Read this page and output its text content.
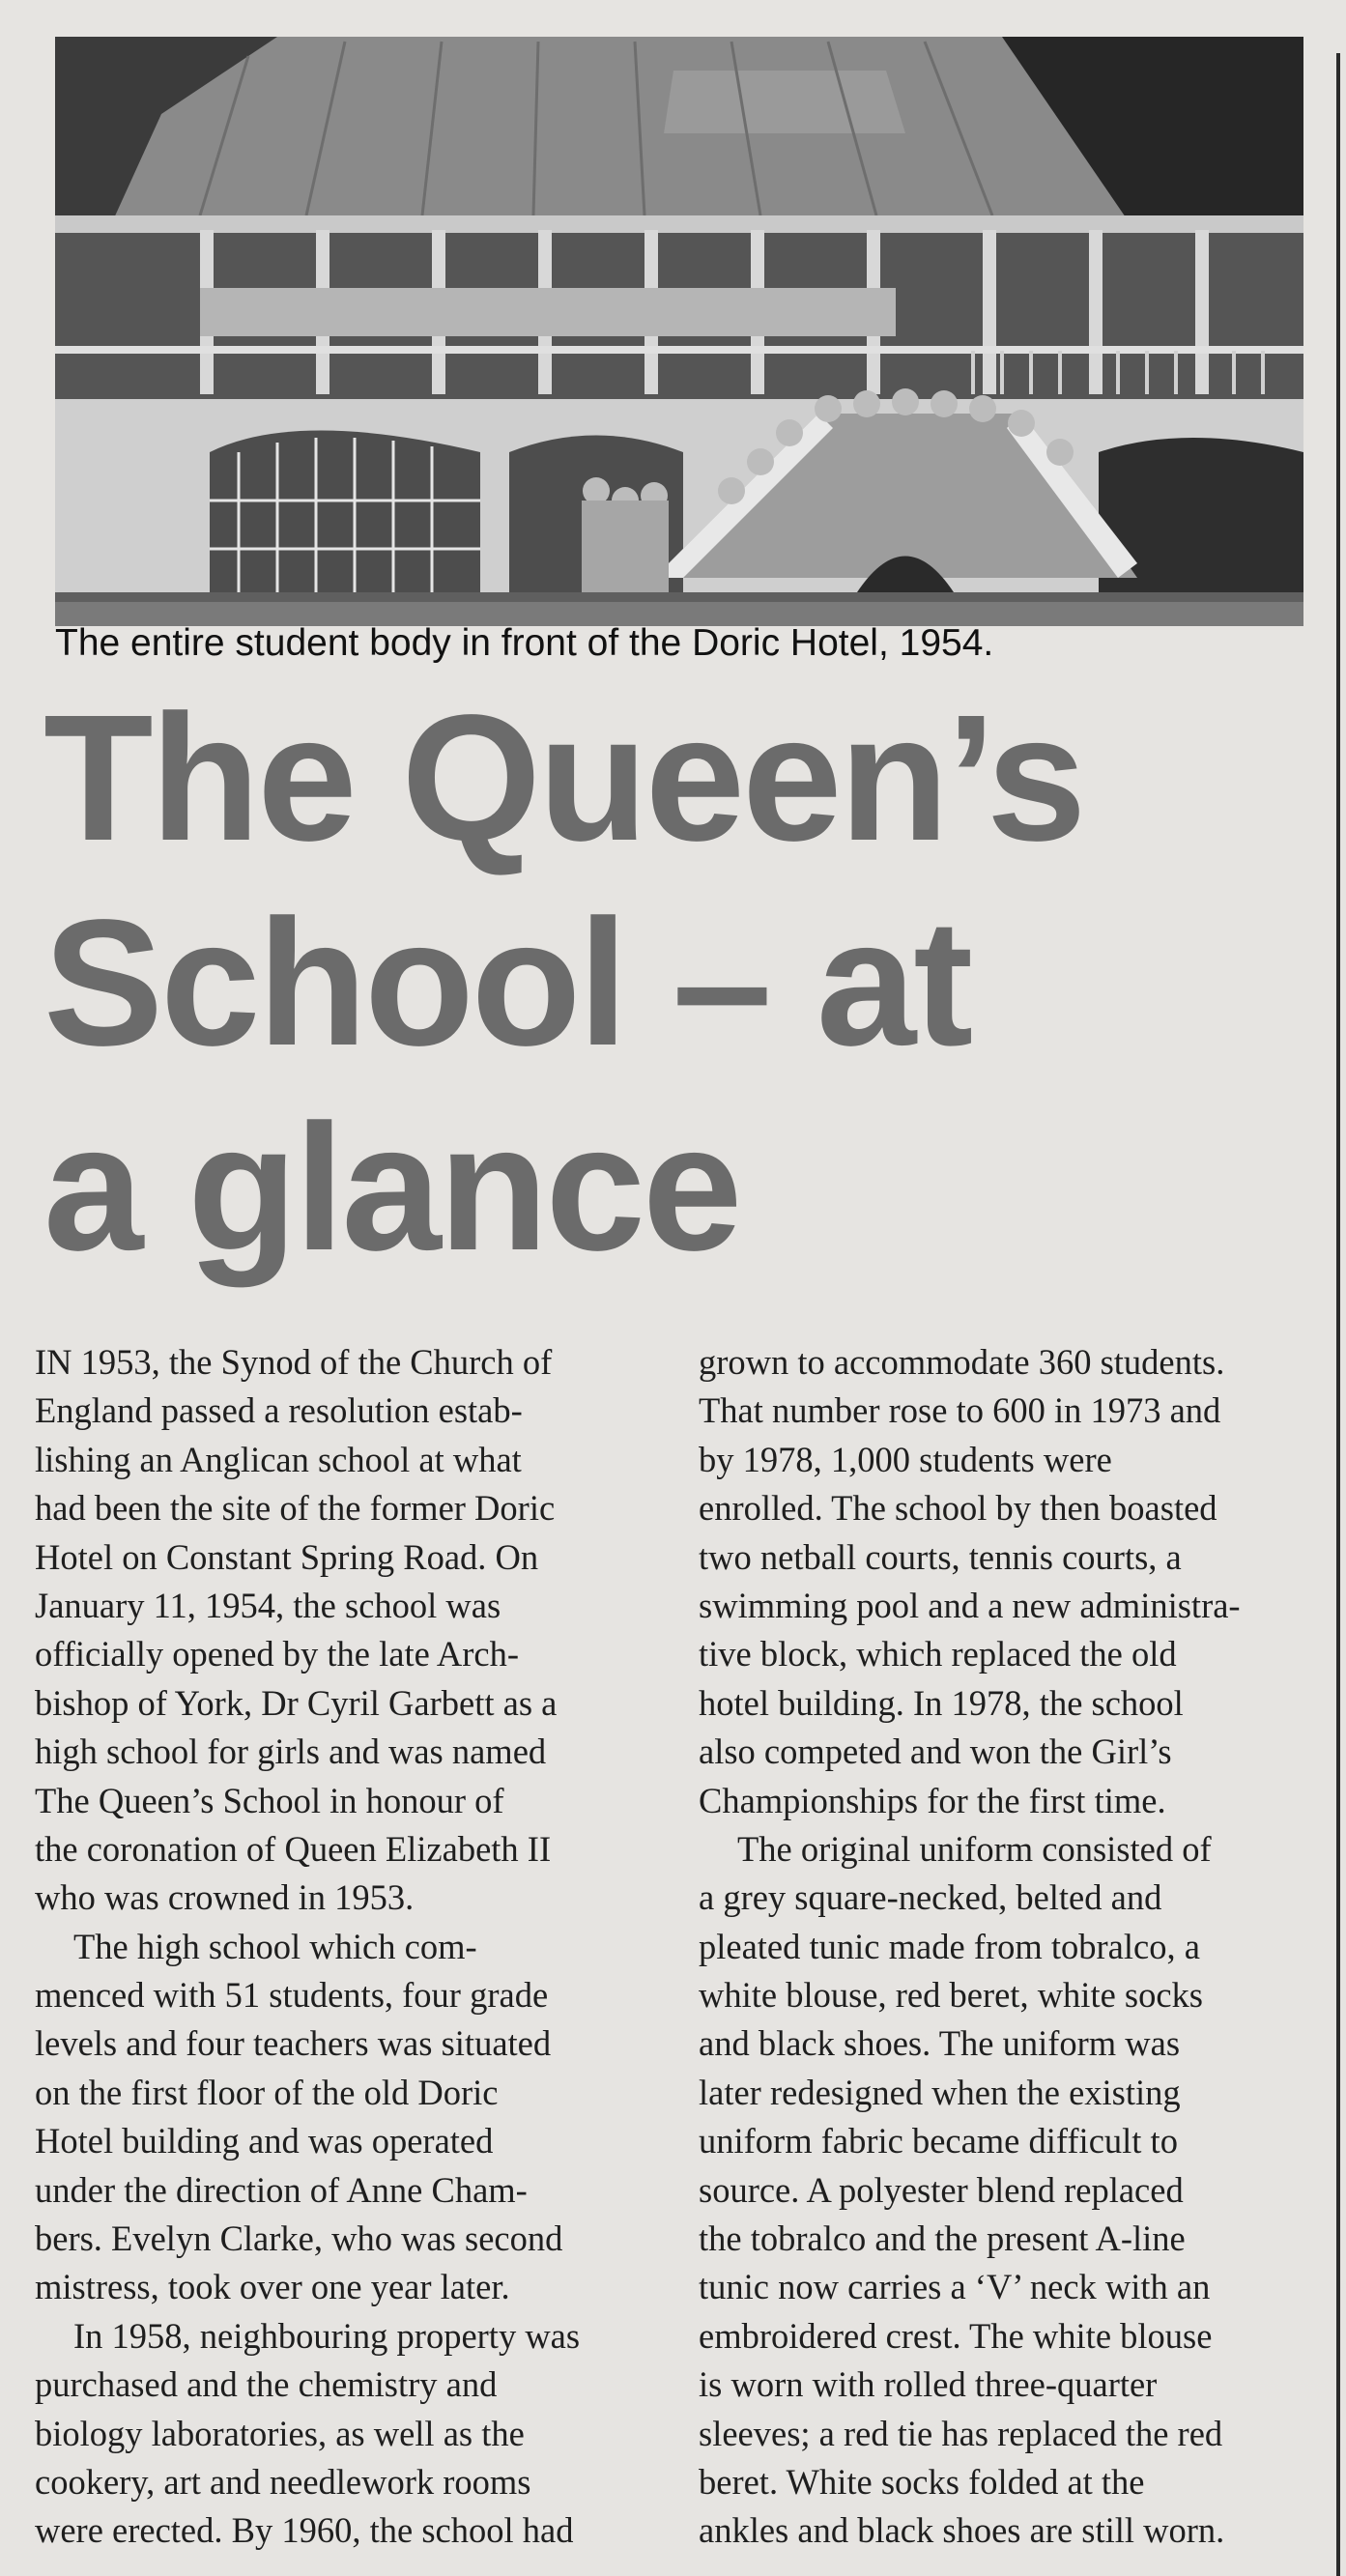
The entire student body in front of the Doric Hotel, 1954.
The Queen’s
School – at
a glance
IN 1953, the Synod of the Church of
England passed a resolution estab-
lishing an Anglican school at what
had been the site of the former Doric
Hotel on Constant Spring Road. On
January 11, 1954, the school was
officially opened by the late Arch-
bishop of York, Dr Cyril Garbett as a
high school for girls and was named
The Queen’s School in honour of
the coronation of Queen Elizabeth II
who was crowned in 1953.
The high school which com-
menced with 51 students, four grade
levels and four teachers was situated
on the first floor of the old Doric
Hotel building and was operated
under the direction of Anne Cham-
bers. Evelyn Clarke, who was second
mistress, took over one year later.
In 1958, neighbouring property was
purchased and the chemistry and
biology laboratories, as well as the
cookery, art and needlework rooms
were erected. By 1960, the school had
grown to accommodate 360 students.
That number rose to 600 in 1973 and
by 1978, 1,000 students were
enrolled. The school by then boasted
two netball courts, tennis courts, a
swimming pool and a new administra-
tive block, which replaced the old
hotel building. In 1978, the school
also competed and won the Girl’s
Championships for the first time.
The original uniform consisted of
a grey square-necked, belted and
pleated tunic made from tobralco, a
white blouse, red beret, white socks
and black shoes. The uniform was
later redesigned when the existing
uniform fabric became difficult to
source. A polyester blend replaced
the tobralco and the present A-line
tunic now carries a ‘V’ neck with an
embroidered crest. The white blouse
is worn with rolled three-quarter
sleeves; a red tie has replaced the red
beret. White socks folded at the
ankles and black shoes are still worn.
